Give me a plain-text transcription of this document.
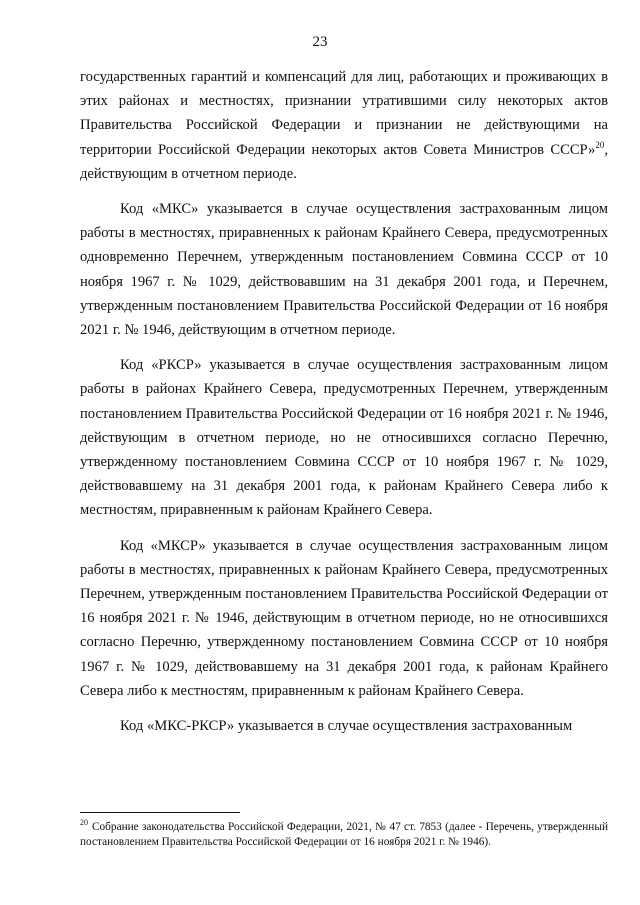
23

государственных гарантий и компенсаций для лиц, работающих и проживающих в этих районах и местностях, признании утратившими силу некоторых актов Правительства Российской Федерации и признании не действующими на территории Российской Федерации некоторых актов Совета Министров СССР»$^{20}$, действующим в отчетном периоде.

Код «МКС» указывается в случае осуществления застрахованным лицом работы в местностях, приравненных к районам Крайнего Севера, предусмотренных одновременно Перечнем, утвержденным постановлением Совмина СССР от 10 ноября 1967 г. № 1029, действовавшим на 31 декабря 2001 года, и Перечнем, утвержденным постановлением Правительства Российской Федерации от 16 ноября 2021 г. № 1946, действующим в отчетном периоде.

Код «РКСР» указывается в случае осуществления застрахованным лицом работы в районах Крайнего Севера, предусмотренных Перечнем, утвержденным постановлением Правительства Российской Федерации от 16 ноября 2021 г. № 1946, действующим в отчетном периоде, но не относившихся согласно Перечню, утвержденному постановлением Совмина СССР от 10 ноября 1967 г. № 1029, действовавшему на 31 декабря 2001 года, к районам Крайнего Севера либо к местностям, приравненным к районам Крайнего Севера.

Код «МКСР» указывается в случае осуществления застрахованным лицом работы в местностях, приравненных к районам Крайнего Севера, предусмотренных Перечнем, утвержденным постановлением Правительства Российской Федерации от 16 ноября 2021 г. № 1946, действующим в отчетном периоде, но не относившихся согласно Перечню, утвержденному постановлением Совмина СССР от 10 ноября 1967 г. № 1029, действовавшему на 31 декабря 2001 года, к районам Крайнего Севера либо к местностям, приравненным к районам Крайнего Севера.

Код «МКС-РКСР» указывается в случае осуществления застрахованным

$^{20}$ Собрание законодательства Российской Федерации, 2021, № 47 ст. 7853 (далее - Перечень, утвержденный постановлением Правительства Российской Федерации от 16 ноября 2021 г. № 1946).
